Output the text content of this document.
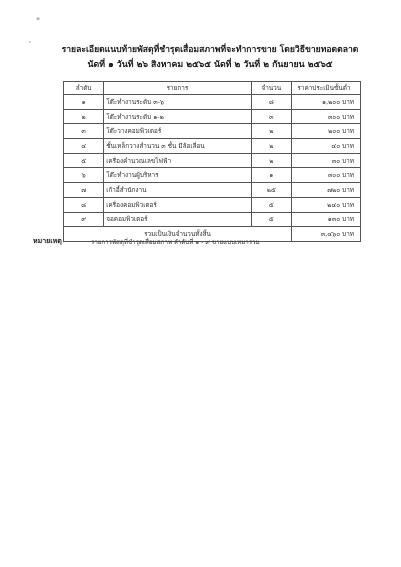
"
'
รายละเอียดแนบท้ายพัสดุที่ชำรุดเสื่อมสภาพที่จะทำการขาย โดยวิธีขายทอดตลาด
นัดที่ ๑ วันที่ ๒๖ สิงหาคม ๒๕๖๕ นัดที่ ๒ วันที่ ๒ กันยายน ๒๕๖๕
ลำดับ	รายการ	จำนวน	ราคาประเมินขั้นต่ำ
๑	โต๊ะทำงานระดับ ๓-๖	๘	๑,๒๐๐ บาท
๒	โต๊ะทำงานระดับ ๑-๒	๓	๓๐๐ บาท
๓	โต๊ะวางคอมพิวเตอร์	๒	๒๐๐ บาท
๔	ชั้นเหล็กวางสำนวน ๓ ชั้น มีล้อเลื่อน	๒	๔๐ บาท
๕	เครื่องคำนวณเลขไฟฟ้า	๒	๓๐ บาท
๖	โต๊ะทำงานผู้บริหาร	๑	๓๐๐ บาท
๗	เก้าอี้สำนักงาน	๒๕	๗๒๐ บาท
๘	เครื่องคอมพิวเตอร์	๕	๒๔๐ บาท
๙	จอคอมพิวเตอร์	๕	๑๓๐ บาท
รวมเป็นเงินจำนวนทั้งสิ้น			๓,๔๖๐ บาท
หมายเหตุ	รายการพัสดุที่ชำรุดเสื่อมสภาพ ลำดับที่ ๑ - ๙ ขายแบบเหมารวม
